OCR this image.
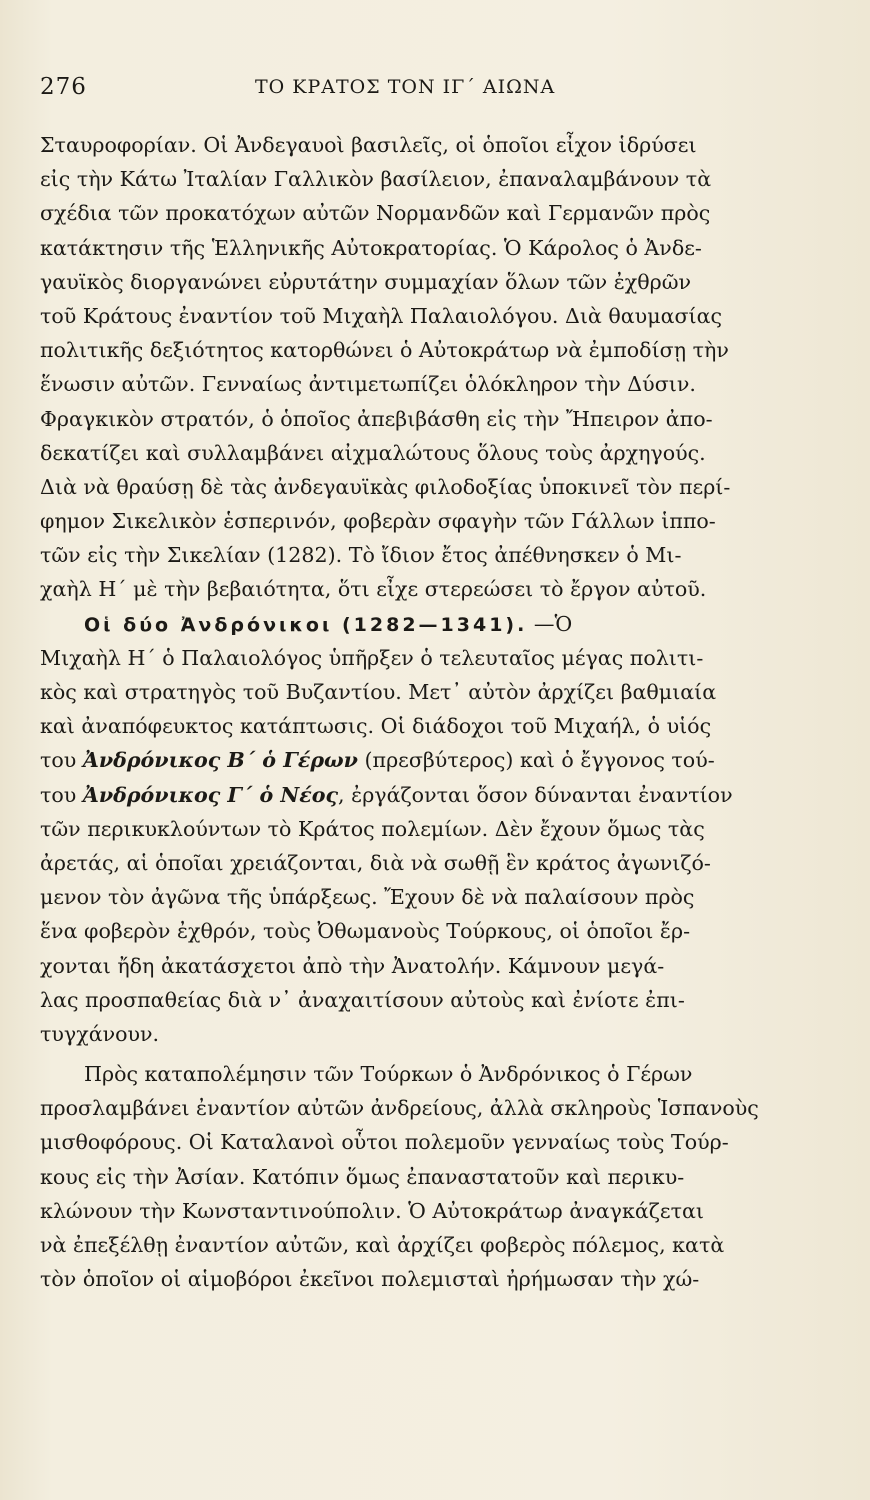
276	ΤΟ ΚΡΑΤΟΣ ΤΟΝ ΙΓ΄ ΑΙΩΝΑ
Σταυροφορίαν. Οἱ Ἀνδεγαυοὶ βασιλεῖς, οἱ ὁποῖοι εἶχον ἱδρύσει
εἰς τὴν Κάτω Ἰταλίαν Γαλλικὸν βασίλειον, ἐπαναλαμβάνουν τὰ
σχέδια τῶν προκατόχων αὐτῶν Νορμανδῶν καὶ Γερμανῶν πρὸς
κατάκτησιν τῆς Ἑλληνικῆς Αὐτοκρατορίας. Ὁ Κάρολος ὁ Ἀνδε-
γαυϊκὸς διοργανώνει εὐρυτάτην συμμαχίαν ὅλων τῶν ἐχθρῶν
τοῦ Κράτους ἐναντίον τοῦ Μιχαὴλ Παλαιολόγου. Διὰ θαυμασίας
πολιτικῆς δεξιότητος κατορθώνει ὁ Αὐτοκράτωρ νὰ ἐμποδίσῃ τὴν
ἕνωσιν αὐτῶν. Γενναίως ἀντιμετωπίζει ὁλόκληρον τὴν Δύσιν.
Φραγκικὸν στρατόν, ὁ ὁποῖος ἀπεβιβάσθη εἰς τὴν Ἤπειρον ἀπο-
δεκατίζει καὶ συλλαμβάνει αἰχμαλώτους ὅλους τοὺς ἀρχηγούς.
Διὰ νὰ θραύσῃ δὲ τὰς ἀνδεγαυϊκὰς φιλοδοξίας ὑποκινεῖ τὸν περί-
φημον Σικελικὸν ἑσπερινόν, φοβερὰν σφαγὴν τῶν Γάλλων ἱππο-
τῶν εἰς τὴν Σικελίαν (1282). Τὸ ἴδιον ἔτος ἀπέθνησκεν ὁ Μι-
χαὴλ Η΄ μὲ τὴν βεβαιότητα, ὅτι εἶχε στερεώσει τὸ ἔργον αὐτοῦ.
Οἱ δύο Ἀνδρόνικοι (1282—1341). —Ὁ
Μιχαὴλ Η΄ ὁ Παλαιολόγος ὑπῆρξεν ὁ τελευταῖος μέγας πολιτι-
κὸς καὶ στρατηγὸς τοῦ Βυζαντίου. Μετ᾽ αὐτὸν ἀρχίζει βαθμιαία
καὶ ἀναπόφευκτος κατάπτωσις. Οἱ διάδοχοι τοῦ Μιχαήλ, ὁ υἱός
του Ἀνδρόνικος Β΄ ὁ Γέρων (πρεσβύτερος) καὶ ὁ ἔγγονος τού-
του Ἀνδρόνικος Γ΄ ὁ Νέος, ἐργάζονται ὅσον δύνανται ἐναντίον
τῶν περικυκλούντων τὸ Κράτος πολεμίων. Δὲν ἔχουν ὅμως τὰς
ἀρετάς, αἱ ὁποῖαι χρειάζονται, διὰ νὰ σωθῇ ἓν κράτος ἀγωνιζό-
μενον τὸν ἀγῶνα τῆς ὑπάρξεως. Ἔχουν δὲ νὰ παλαίσουν πρὸς
ἕνα φοβερὸν ἐχθρόν, τοὺς Ὀθωμανοὺς Τούρκους, οἱ ὁποῖοι ἔρ-
χονται ἤδη ἀκατάσχετοι ἀπὸ τὴν Ἀνατολήν. Κάμνουν μεγά-
λας προσπαθείας διὰ ν᾽ ἀναχαιτίσουν αὐτοὺς καὶ ἐνίοτε ἐπι-
τυγχάνουν.
Πρὸς καταπολέμησιν τῶν Τούρκων ὁ Ἀνδρόνικος ὁ Γέρων
προσλαμβάνει ἐναντίον αὐτῶν ἀνδρείους, ἀλλὰ σκληροὺς Ἱσπανοὺς
μισθοφόρους. Οἱ Καταλανοὶ οὗτοι πολεμοῦν γενναίως τοὺς Τούρ-
κους εἰς τὴν Ἀσίαν. Κατόπιν ὅμως ἐπαναστατοῦν καὶ περικυ-
κλώνουν τὴν Κωνσταντινούπολιν. Ὁ Αὐτοκράτωρ ἀναγκάζεται
νὰ ἐπεξέλθῃ ἐναντίον αὐτῶν, καὶ ἀρχίζει φοβερὸς πόλεμος, κατὰ
τὸν ὁποῖον οἱ αἱμοβόροι ἐκεῖνοι πολεμισταὶ ἠρήμωσαν τὴν χώ-
